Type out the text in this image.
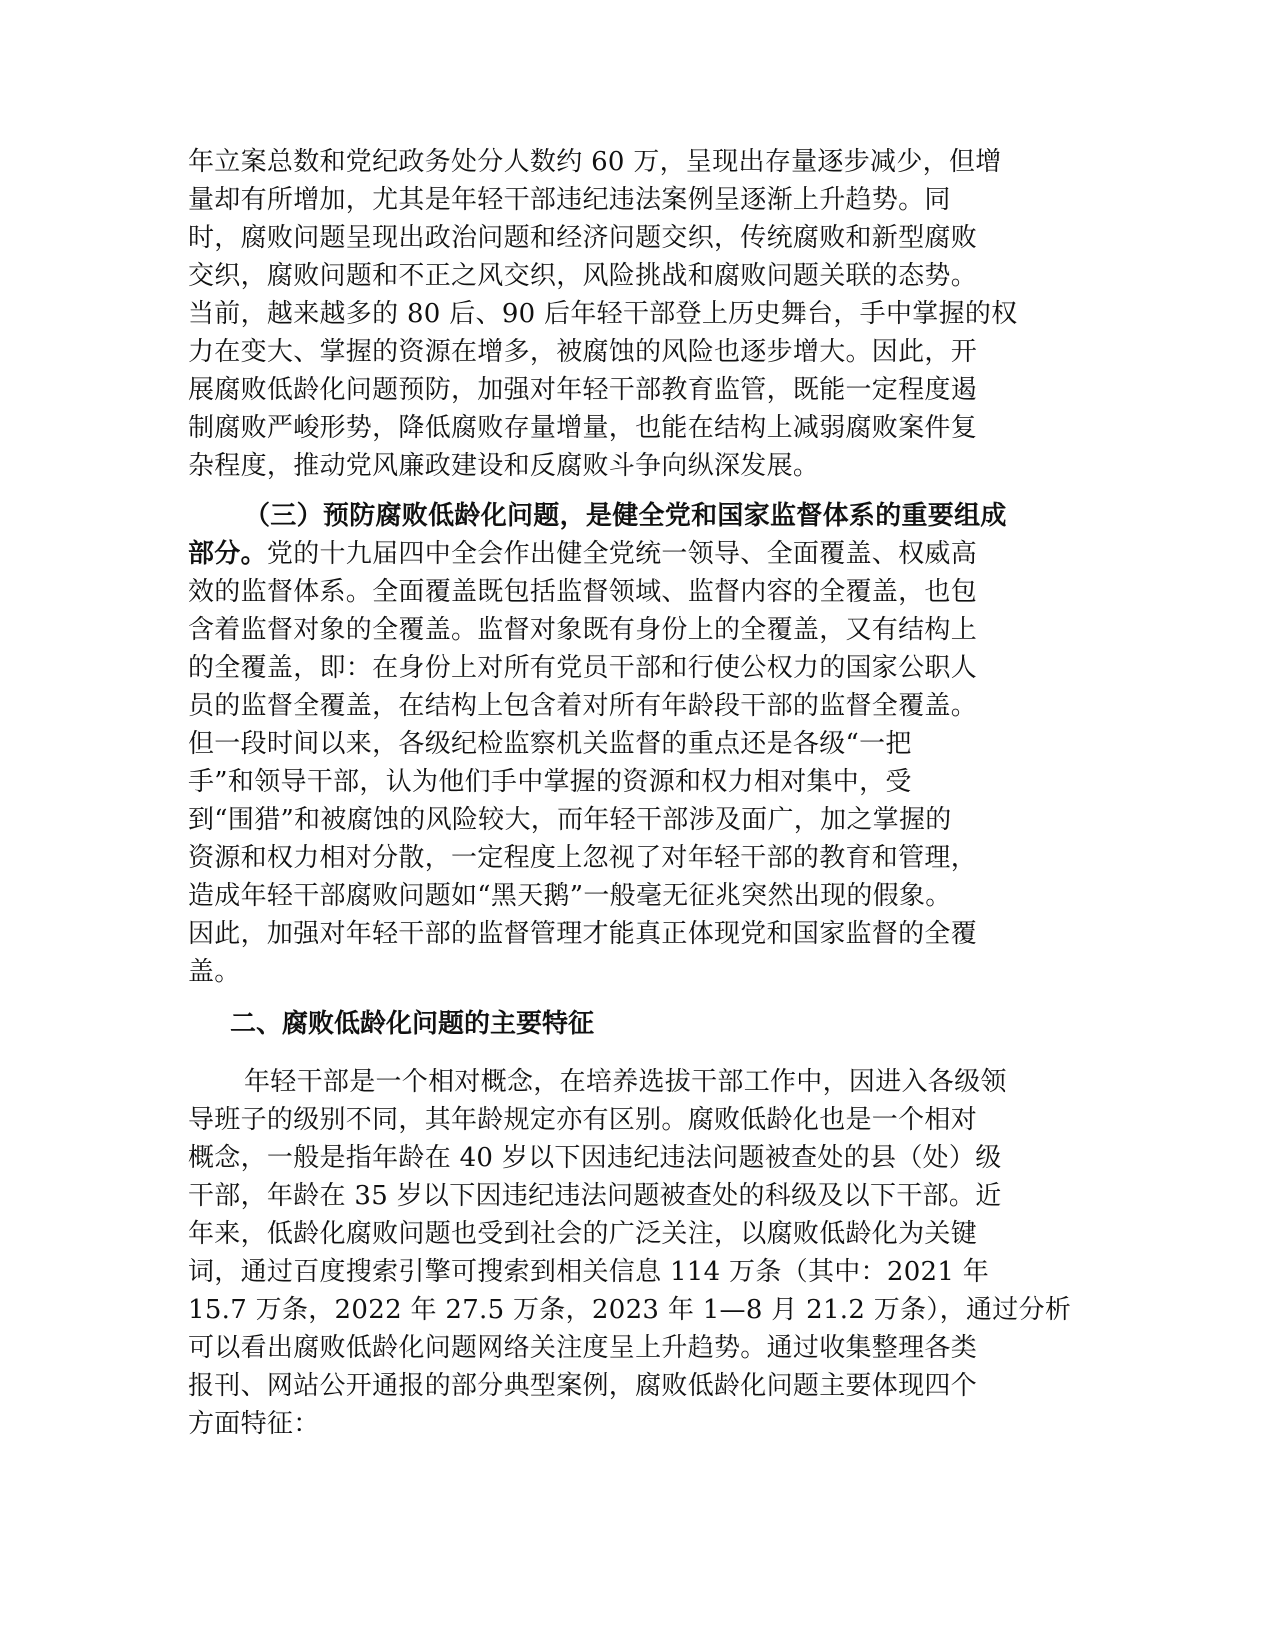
年立案总数和党纪政务处分人数约 60 万，呈现出存量逐步减少，但增
量却有所增加，尤其是年轻干部违纪违法案例呈逐渐上升趋势。同
时，腐败问题呈现出政治问题和经济问题交织，传统腐败和新型腐败
交织，腐败问题和不正之风交织，风险挑战和腐败问题关联的态势。
当前，越来越多的 80 后、90 后年轻干部登上历史舞台，手中掌握的权
力在变大、掌握的资源在增多，被腐蚀的风险也逐步增大。因此，开
展腐败低龄化问题预防，加强对年轻干部教育监管，既能一定程度遏
制腐败严峻形势，降低腐败存量增量，也能在结构上减弱腐败案件复
杂程度，推动党风廉政建设和反腐败斗争向纵深发展。
（三）预防腐败低龄化问题，是健全党和国家监督体系的重要组成
部分。党的十九届四中全会作出健全党统一领导、全面覆盖、权威高
效的监督体系。全面覆盖既包括监督领域、监督内容的全覆盖，也包
含着监督对象的全覆盖。监督对象既有身份上的全覆盖，又有结构上
的全覆盖，即：在身份上对所有党员干部和行使公权力的国家公职人
员的监督全覆盖，在结构上包含着对所有年龄段干部的监督全覆盖。
但一段时间以来，各级纪检监察机关监督的重点还是各级“一把
手”和领导干部，认为他们手中掌握的资源和权力相对集中，受
到“围猎”和被腐蚀的风险较大，而年轻干部涉及面广，加之掌握的
资源和权力相对分散，一定程度上忽视了对年轻干部的教育和管理，
造成年轻干部腐败问题如“黑天鹅”一般毫无征兆突然出现的假象。
因此，加强对年轻干部的监督管理才能真正体现党和国家监督的全覆
盖。
二、腐败低龄化问题的主要特征
年轻干部是一个相对概念，在培养选拔干部工作中，因进入各级领
导班子的级别不同，其年龄规定亦有区别。腐败低龄化也是一个相对
概念，一般是指年龄在 40 岁以下因违纪违法问题被查处的县（处）级
干部，年龄在 35 岁以下因违纪违法问题被查处的科级及以下干部。近
年来，低龄化腐败问题也受到社会的广泛关注，以腐败低龄化为关键
词，通过百度搜索引擎可搜索到相关信息 114 万条（其中：2021 年
15.7 万条，2022 年 27.5 万条，2023 年 1—8 月 21.2 万条），通过分析
可以看出腐败低龄化问题网络关注度呈上升趋势。通过收集整理各类
报刊、网站公开通报的部分典型案例，腐败低龄化问题主要体现四个
方面特征：
